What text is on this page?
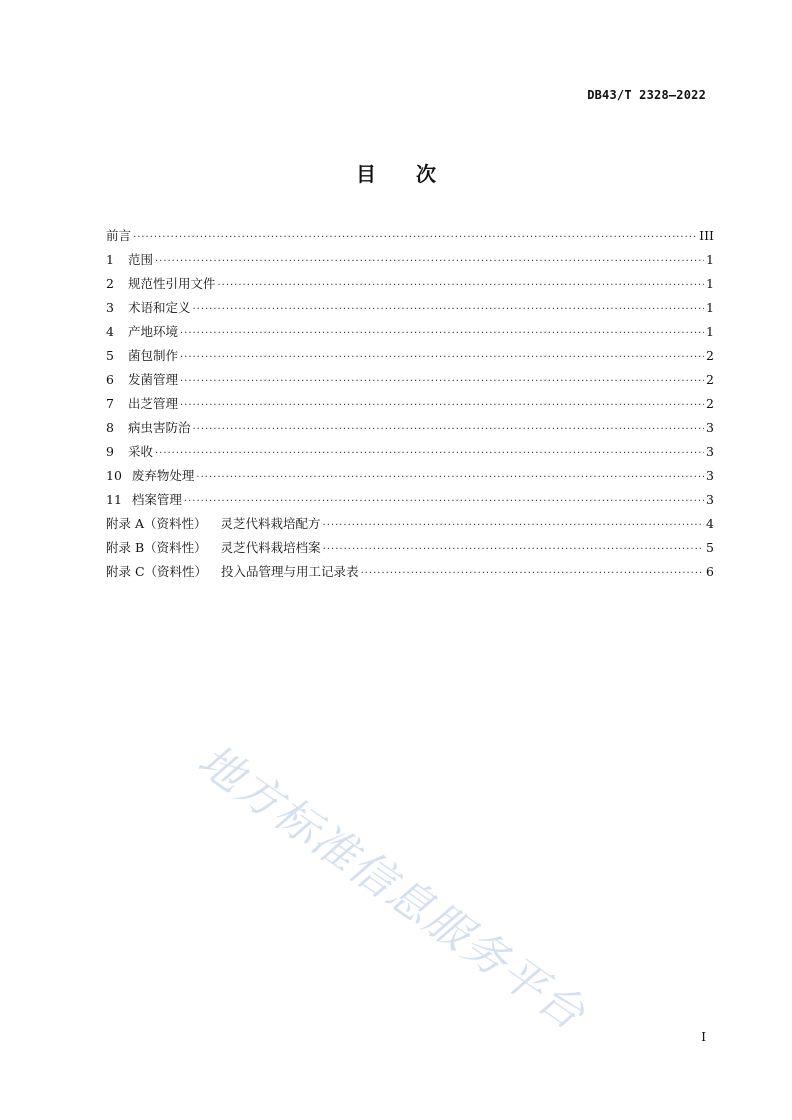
DB43/T 2328—2022
目 次
前言 ·····	III
1 范围 ·····	1
2 规范性引用文件 ·····	1
3 术语和定义 ·····	1
4 产地环境 ·····	1
5 菌包制作 ·····	2
6 发菌管理 ·····	2
7 出芝管理 ·····	2
8 病虫害防治 ·····	3
9 采收 ·····	3
10 废弃物处理 ·····	3
11 档案管理 ·····	3
附录 A（资料性） 灵芝代料栽培配方 ·····	4
附录 B（资料性） 灵芝代料栽培档案 ·····	5
附录 C（资料性） 投入品管理与用工记录表 ·····	6
地方标准信息服务平台	I
